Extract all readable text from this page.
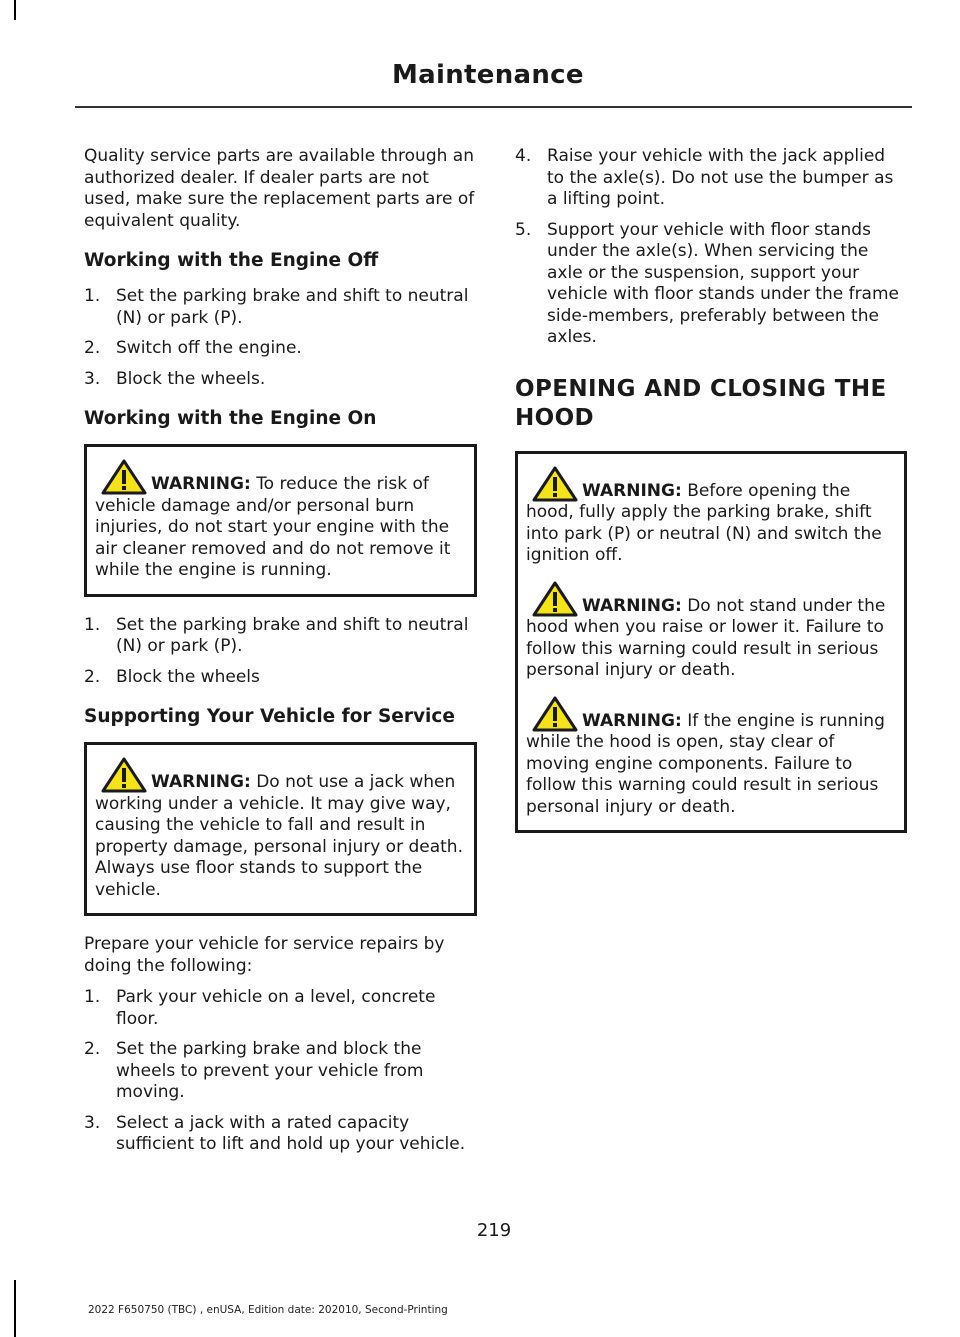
Maintenance

Quality service parts are available through an authorized dealer. If dealer parts are not used, make sure the replacement parts are of equivalent quality.

Working with the Engine Off
1. Set the parking brake and shift to neutral (N) or park (P).
2. Switch off the engine.
3. Block the wheels.
Working with the Engine On
WARNING: To reduce the risk of vehicle damage and/or personal burn injuries, do not start your engine with the air cleaner removed and do not remove it while the engine is running.
1. Set the parking brake and shift to neutral (N) or park (P).
2. Block the wheels
Supporting Your Vehicle for Service
WARNING: Do not use a jack when working under a vehicle. It may give way, causing the vehicle to fall and result in property damage, personal injury or death. Always use floor stands to support the vehicle.

Prepare your vehicle for service repairs by doing the following:

1. Park your vehicle on a level, concrete floor.
2. Set the parking brake and block the wheels to prevent your vehicle from moving.
3. Select a jack with a rated capacity sufficient to lift and hold up your vehicle.
4. Raise your vehicle with the jack applied to the axle(s). Do not use the bumper as a lifting point.
5. Support your vehicle with floor stands under the axle(s). When servicing the axle or the suspension, support your vehicle with floor stands under the frame side-members, preferably between the axles.
OPENING AND CLOSING THE
HOOD
WARNING: Before opening the hood, fully apply the parking brake, shift into park (P) or neutral (N) and switch the ignition off.
WARNING: Do not stand under the hood when you raise or lower it. Failure to follow this warning could result in serious personal injury or death.
WARNING: If the engine is running while the hood is open, stay clear of moving engine components. Failure to follow this warning could result in serious personal injury or death.
219
2022 F650750 (TBC) , enUSA, Edition date: 202010, Second-Printing
